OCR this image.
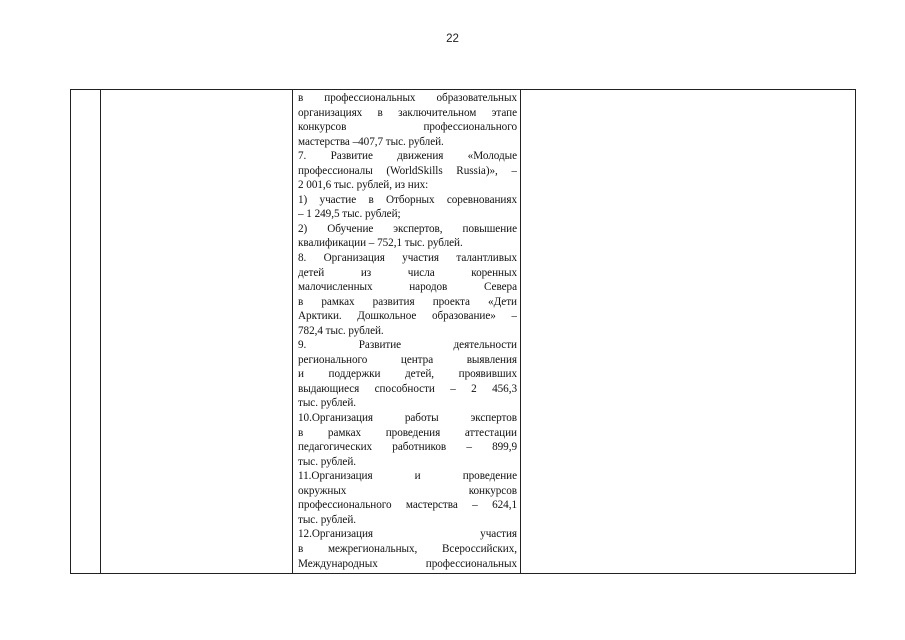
22
в профессиональных образовательных
организациях в заключительном этапе
конкурсов профессионального
мастерства –407,7 тыс. рублей.
7. Развитие движения «Молодые
профессионалы (WorldSkills Russia)», –
2 001,6 тыс. рублей, из них:
1) участие в Отборных соревнованиях
– 1 249,5 тыс. рублей;
2) Обучение экспертов, повышение
квалификации – 752,1 тыс. рублей.
8. Организация участия талантливых
детей из числа коренных
малочисленных народов Севера
в рамках развития проекта «Дети
Арктики. Дошкольное образование» –
782,4 тыс. рублей.
9. Развитие деятельности
регионального центра выявления
и поддержки детей, проявивших
выдающиеся способности – 2 456,3
тыс. рублей.
10.Организация работы экспертов
в рамках проведения аттестации
педагогических работников – 899,9
тыс. рублей.
11.Организация и проведение
окружных конкурсов
профессионального мастерства – 624,1
тыс. рублей.
12.Организация участия
в межрегиональных, Всероссийских,
Международных профессиональных
